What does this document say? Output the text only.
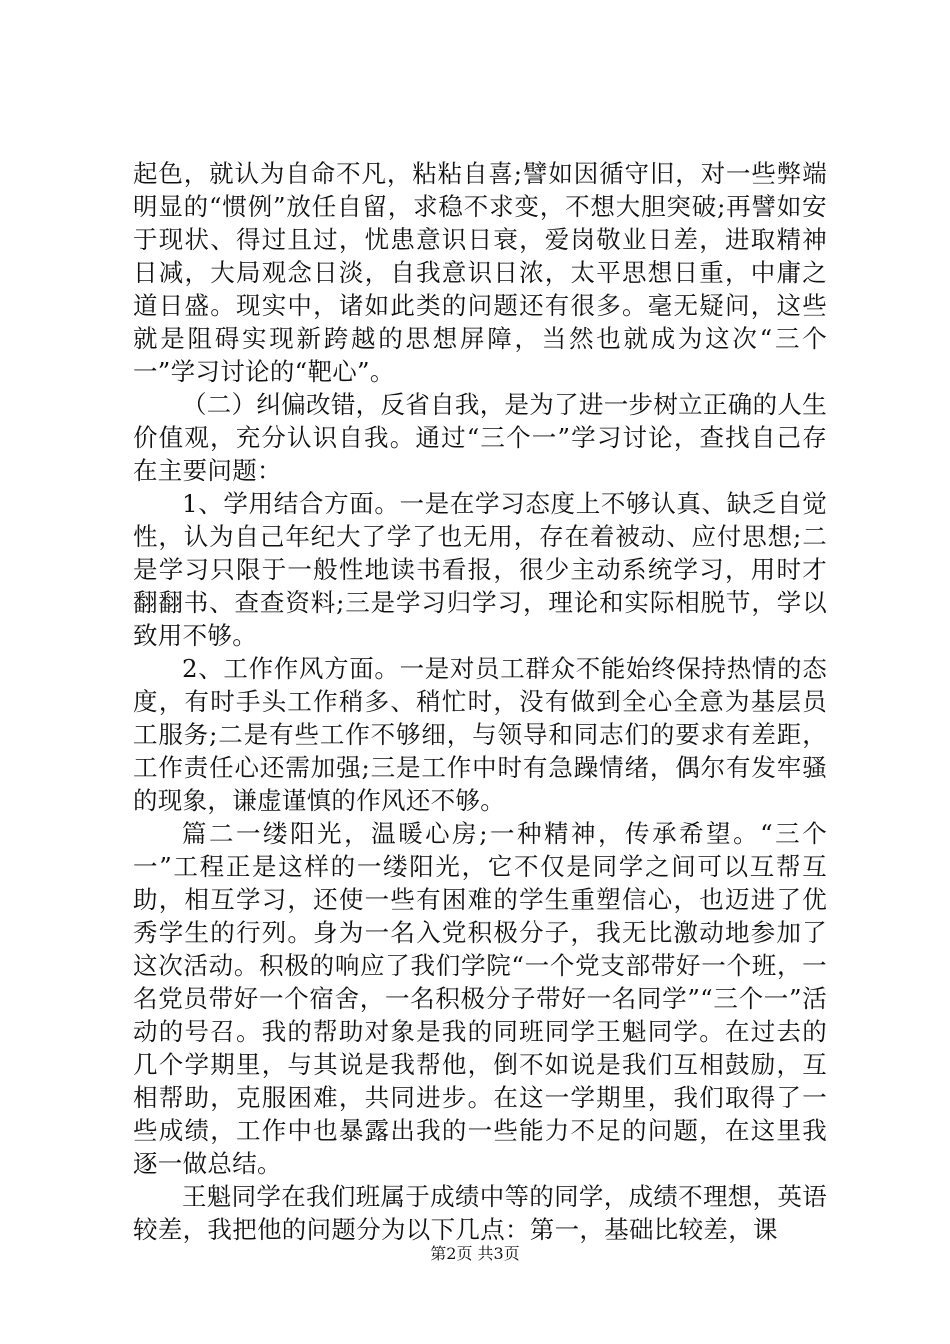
起色，就认为自命不凡，粘粘自喜;譬如因循守旧，对一些弊端明显的“惯例”放任自留，求稳不求变，不想大胆突破;再譬如安于现状、得过且过，忧患意识日衰，爱岗敬业日差，进取精神日减，大局观念日淡，自我意识日浓，太平思想日重，中庸之道日盛。现实中，诸如此类的问题还有很多。毫无疑问，这些就是阻碍实现新跨越的思想屏障，当然也就成为这次“三个一”学习讨论的“靶心”。

（二）纠偏改错，反省自我，是为了进一步树立正确的人生价值观，充分认识自我。通过“三个一”学习讨论，查找自己存在主要问题：

1、学用结合方面。一是在学习态度上不够认真、缺乏自觉性，认为自己年纪大了学了也无用，存在着被动、应付思想;二是学习只限于一般性地读书看报，很少主动系统学习，用时才翻翻书、查查资料;三是学习归学习，理论和实际相脱节，学以致用不够。

2、工作作风方面。一是对员工群众不能始终保持热情的态度，有时手头工作稍多、稍忙时，没有做到全心全意为基层员工服务;二是有些工作不够细，与领导和同志们的要求有差距，工作责任心还需加强;三是工作中时有急躁情绪，偶尔有发牢骚的现象，谦虚谨慎的作风还不够。

篇二一缕阳光，温暖心房;一种精神，传承希望。“三个一”工程正是这样的一缕阳光，它不仅是同学之间可以互帮互助，相互学习，还使一些有困难的学生重塑信心，也迈进了优秀学生的行列。身为一名入党积极分子，我无比激动地参加了这次活动。积极的响应了我们学院“一个党支部带好一个班，一名党员带好一个宿舍，一名积极分子带好一名同学”“三个一”活动的号召。我的帮助对象是我的同班同学王魁同学。在过去的几个学期里，与其说是我帮他，倒不如说是我们互相鼓励，互相帮助，克服困难，共同进步。在这一学期里，我们取得了一些成绩，工作中也暴露出我的一些能力不足的问题，在这里我逐一做总结。

王魁同学在我们班属于成绩中等的同学，成绩不理想，英语较差，我把他的问题分为以下几点：第一，基础比较差，课

第2页 共3页
